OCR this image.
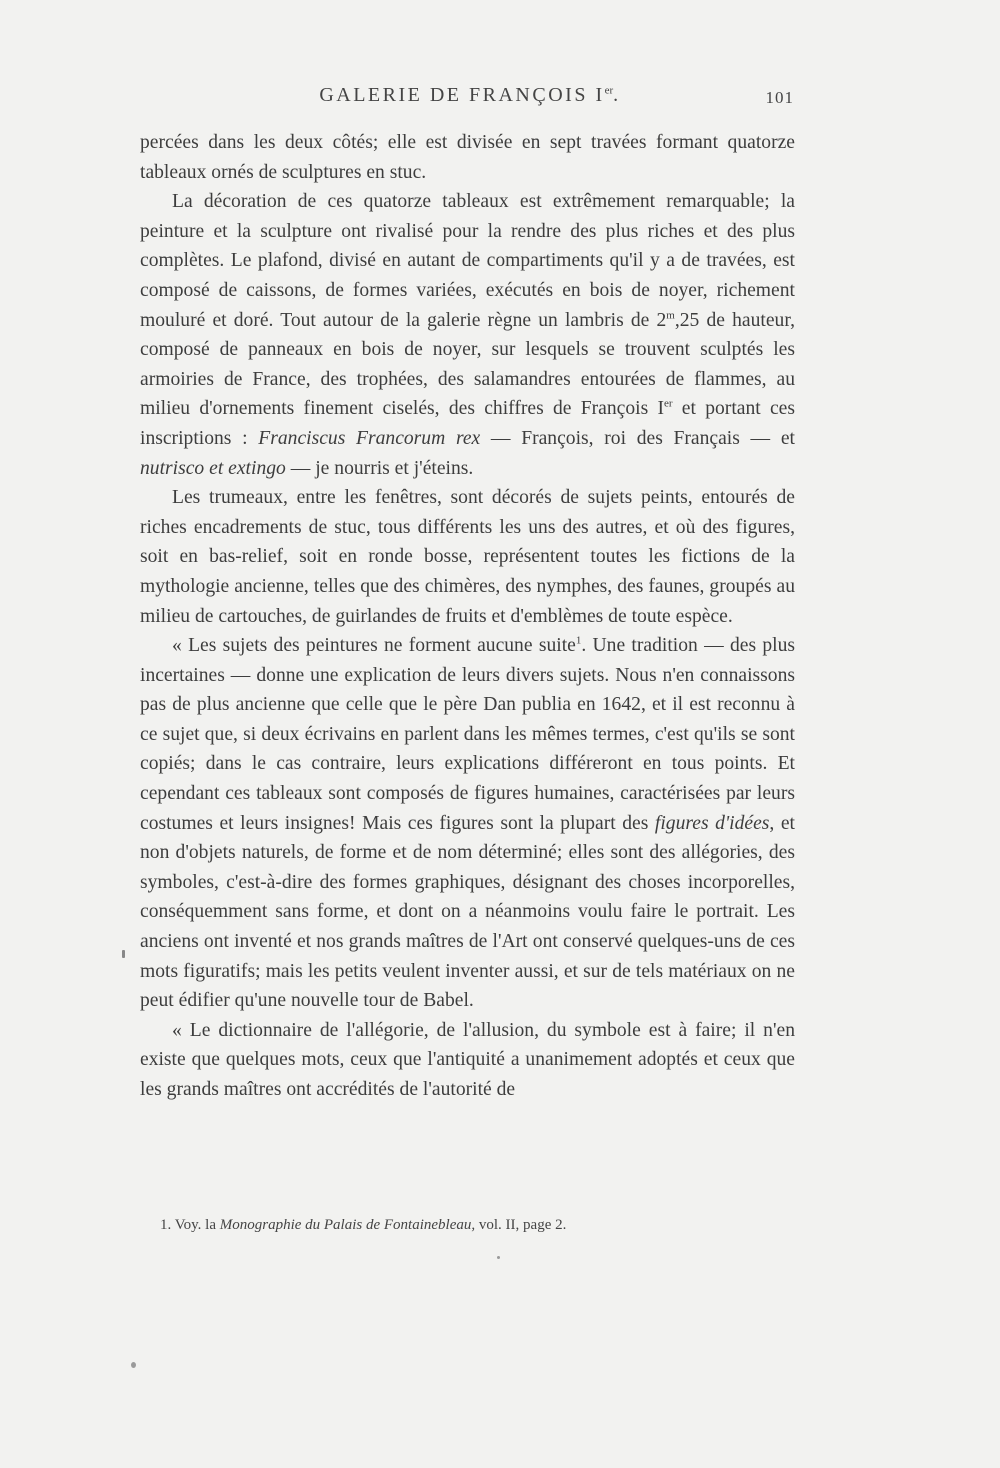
GALERIE DE FRANÇOIS Ier.	101

percées dans les deux côtés; elle est divisée en sept travées formant quatorze tableaux ornés de sculptures en stuc.

La décoration de ces quatorze tableaux est extrêmement remarquable; la peinture et la sculpture ont rivalisé pour la rendre des plus riches et des plus complètes. Le plafond, divisé en autant de compartiments qu'il y a de travées, est composé de caissons, de formes variées, exécutés en bois de noyer, richement mouluré et doré. Tout autour de la galerie règne un lambris de 2$^m$,25 de hauteur, composé de panneaux en bois de noyer, sur lesquels se trouvent sculptés les armoiries de France, des trophées, des salamandres entourées de flammes, au milieu d'ornements finement ciselés, des chiffres de François Ier et portant ces inscriptions : Franciscus Francorum rex — François, roi des Français — et nutrisco et extingo — je nourris et j'éteins.

Les trumeaux, entre les fenêtres, sont décorés de sujets peints, entourés de riches encadrements de stuc, tous différents les uns des autres, et où des figures, soit en bas-relief, soit en ronde bosse, représentent toutes les fictions de la mythologie ancienne, telles que des chimères, des nymphes, des faunes, groupés au milieu de cartouches, de guirlandes de fruits et d'emblèmes de toute espèce.

« Les sujets des peintures ne forment aucune suite$^1$. Une tradition — des plus incertaines — donne une explication de leurs divers sujets. Nous n'en connaissons pas de plus ancienne que celle que le père Dan publia en 1642, et il est reconnu à ce sujet que, si deux écrivains en parlent dans les mêmes termes, c'est qu'ils se sont copiés; dans le cas contraire, leurs explications différeront en tous points. Et cependant ces tableaux sont composés de figures humaines, caractérisées par leurs costumes et leurs insignes! Mais ces figures sont la plupart des figures d'idées, et non d'objets naturels, de forme et de nom déterminé; elles sont des allégories, des symboles, c'est-à-dire des formes graphiques, désignant des choses incorporelles, conséquemment sans forme, et dont on a néanmoins voulu faire le portrait. Les anciens ont inventé et nos grands maîtres de l'Art ont conservé quelques-uns de ces mots figuratifs; mais les petits veulent inventer aussi, et sur de tels matériaux on ne peut édifier qu'une nouvelle tour de Babel.

« Le dictionnaire de l'allégorie, de l'allusion, du symbole est à faire; il n'en existe que quelques mots, ceux que l'antiquité a unanimement adoptés et ceux que les grands maîtres ont accrédités de l'autorité de

1. Voy. la Monographie du Palais de Fontainebleau, vol. II, page 2.
